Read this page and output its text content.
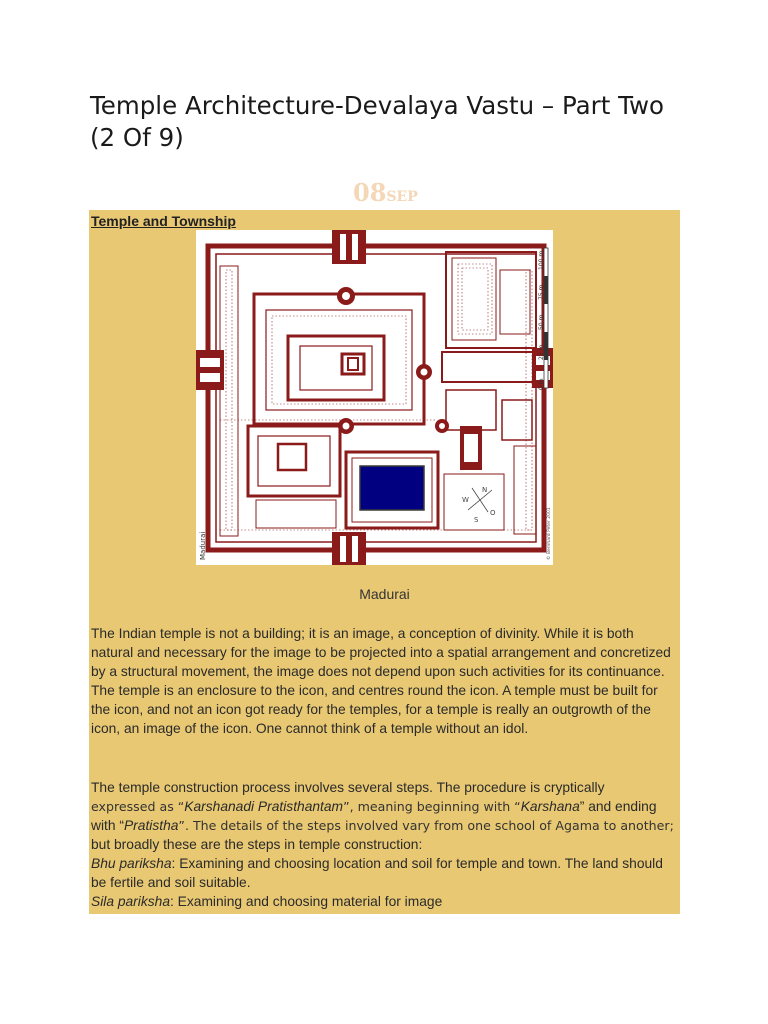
Temple Architecture-Devalaya Vastu – Part Two (2 Of 9)
08SEP
Temple and Township
N
O
S
W
0 m
25 m
50 m
75 m
100 m
Madurai	© Bernhard Peter 2001
Madurai
The Indian temple is not a building; it is an image, a conception of divinity. While it is both natural and necessary for the image to be projected into a spatial arrangement and concretized by a structural movement, the image does not depend upon such activities for its continuance. The temple is an enclosure to the icon, and centres round the icon. A temple must be built for the icon, and not an icon got ready for the temples, for a temple is really an outgrowth of the icon, an image of the icon. One cannot think of a temple without an idol.
The temple construction process involves several steps. The procedure is cryptically
expressed as “Karshanadi Pratisthantam”, meaning beginning with “Karshana” and ending
with “Pratistha”. The details of the steps involved vary from one school of Agama to another;
but broadly these are the steps in temple construction:
Bhu pariksha: Examining and choosing location and soil for temple and town. The land should be fertile and soil suitable.
Sila pariksha: Examining and choosing material for image
